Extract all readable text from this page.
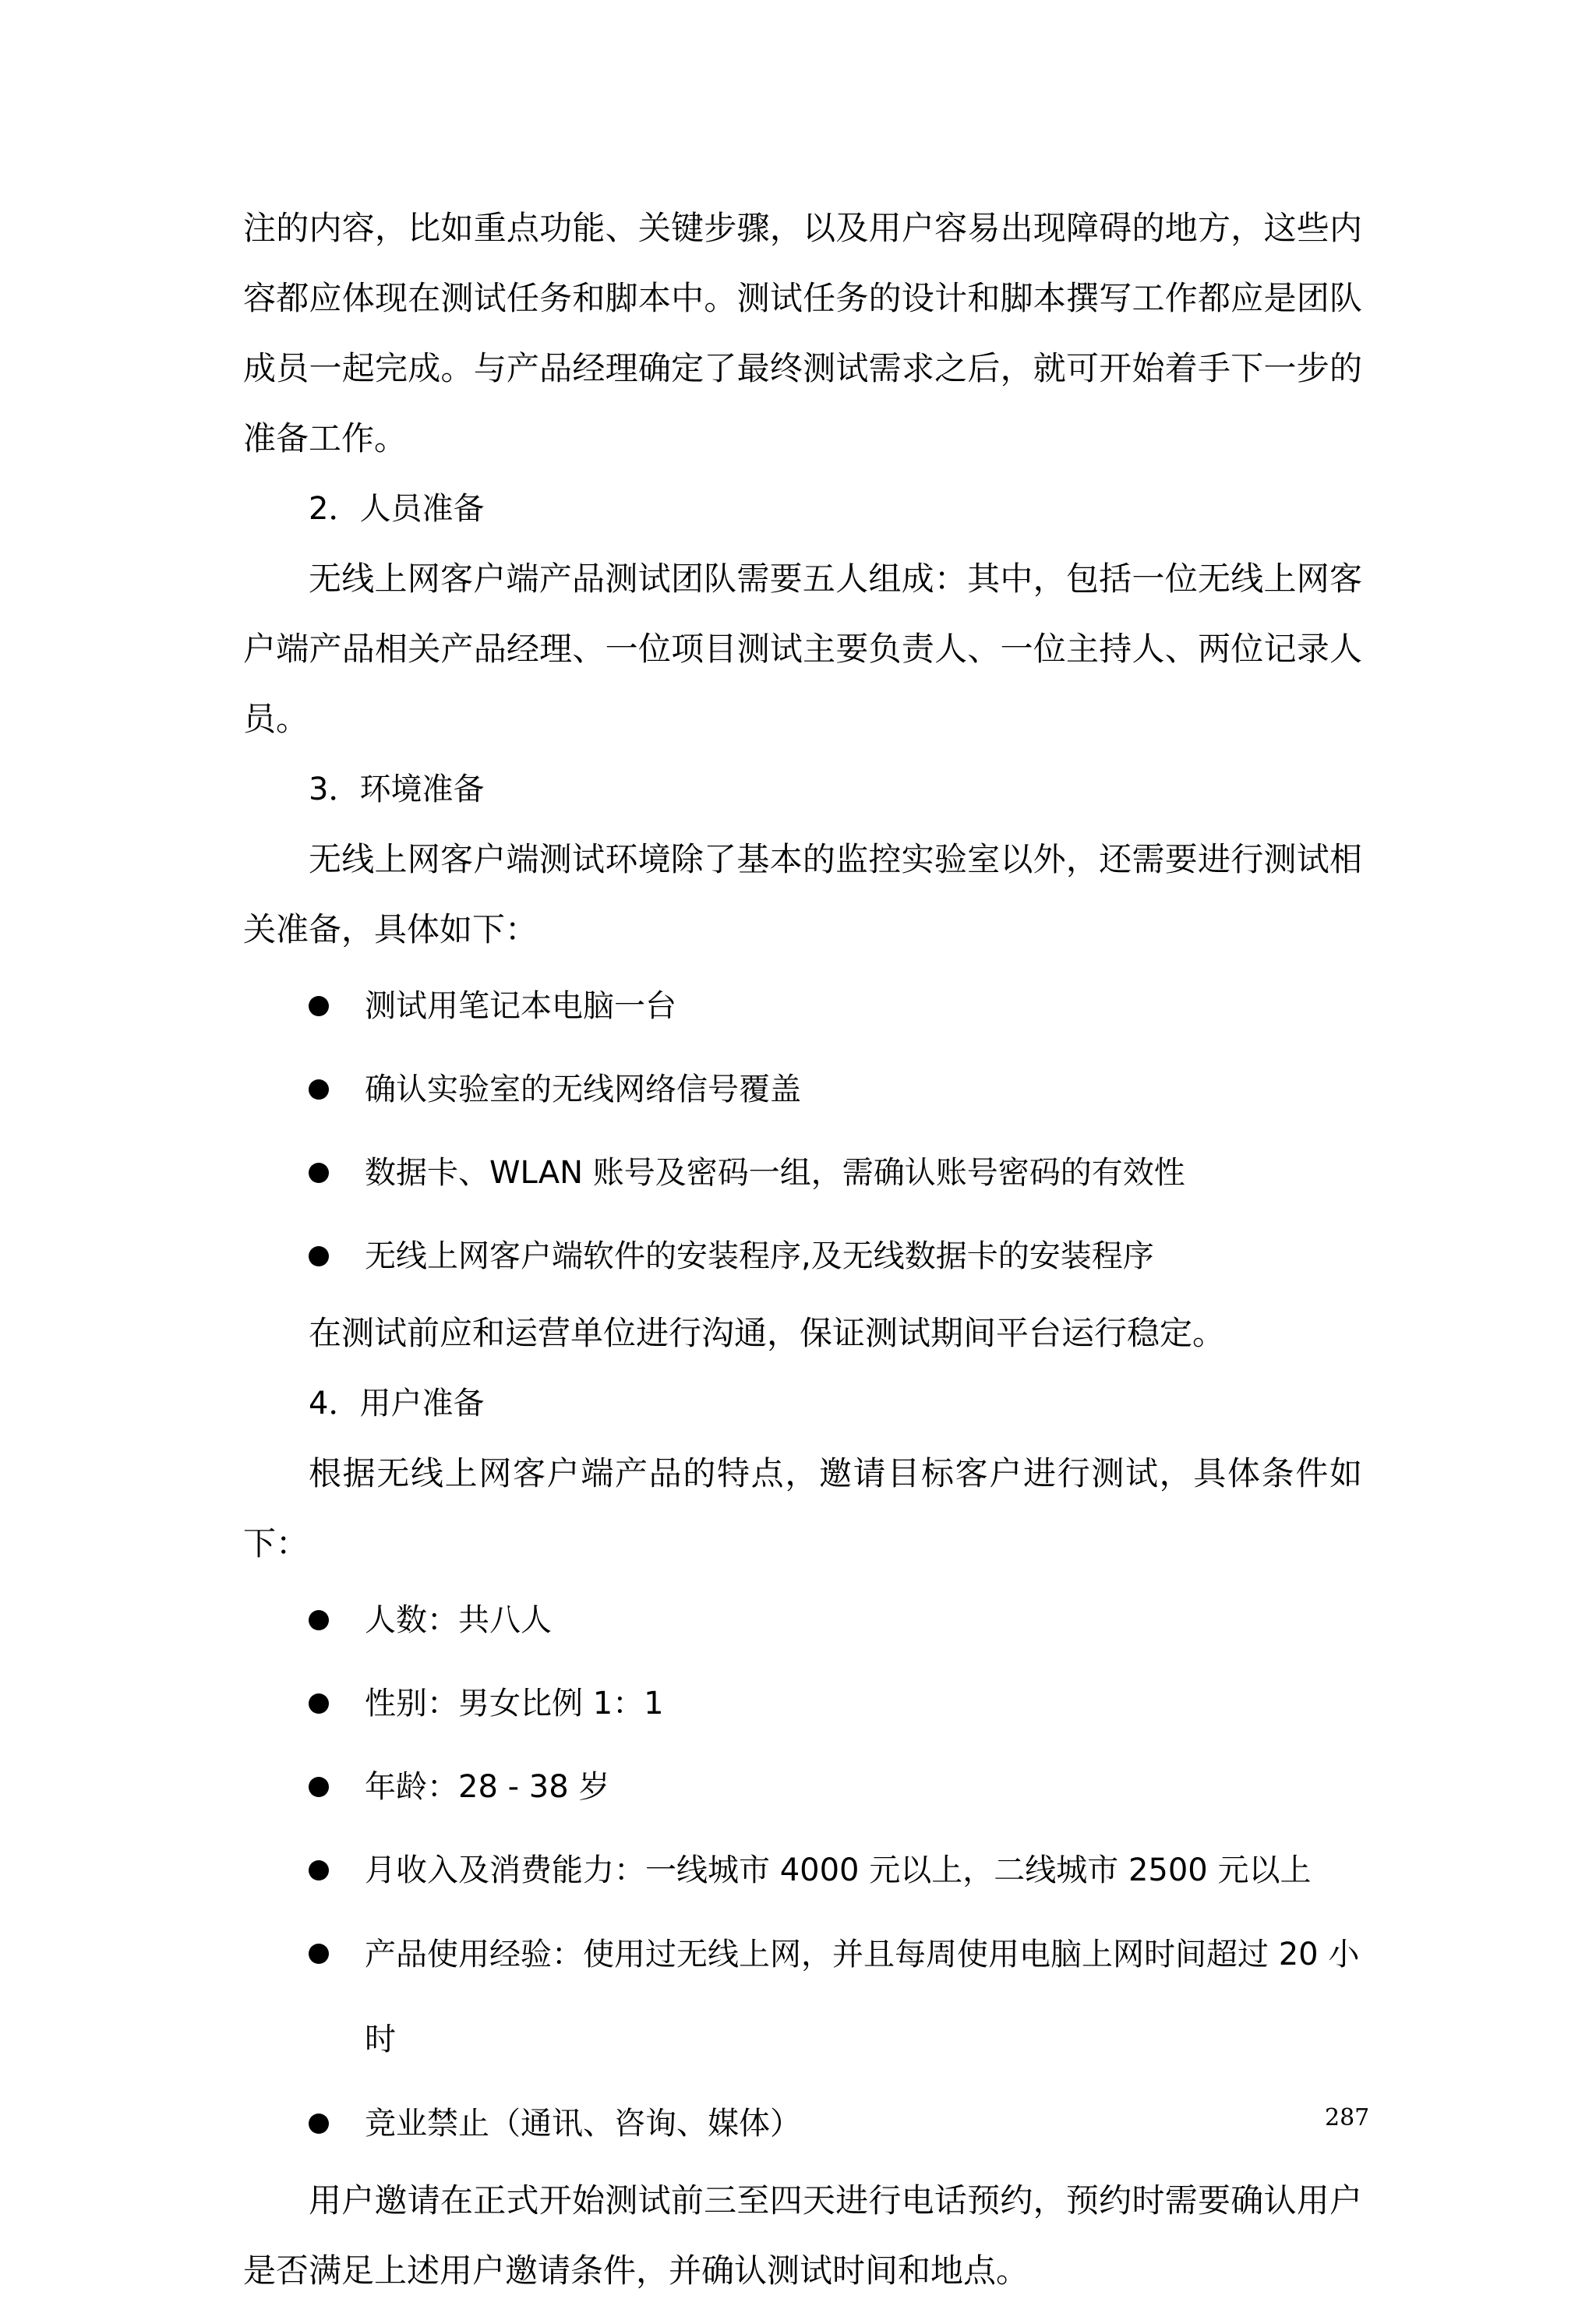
注的内容，比如重点功能、关键步骤，以及用户容易出现障碍的地方，这些内容都应体现在测试任务和脚本中。测试任务的设计和脚本撰写工作都应是团队成员一起完成。与产品经理确定了最终测试需求之后，就可开始着手下一步的准备工作。

2．人员准备

无线上网客户端产品测试团队需要五人组成：其中，包括一位无线上网客户端产品相关产品经理、一位项目测试主要负责人、一位主持人、两位记录人员。

3．环境准备

无线上网客户端测试环境除了基本的监控实验室以外，还需要进行测试相关准备，具体如下：

测试用笔记本电脑一台
确认实验室的无线网络信号覆盖
数据卡、WLAN 账号及密码一组，需确认账号密码的有效性
无线上网客户端软件的安装程序,及无线数据卡的安装程序

在测试前应和运营单位进行沟通，保证测试期间平台运行稳定。

4．用户准备

根据无线上网客户端产品的特点，邀请目标客户进行测试，具体条件如下：

人数：共八人
性别：男女比例 1：1
年龄：28 - 38 岁
月收入及消费能力：一线城市 4000 元以上，二线城市 2500 元以上
产品使用经验：使用过无线上网，并且每周使用电脑上网时间超过 20 小时
竞业禁止（通讯、咨询、媒体）

用户邀请在正式开始测试前三至四天进行电话预约，预约时需要确认用户是否满足上述用户邀请条件，并确认测试时间和地点。

287
